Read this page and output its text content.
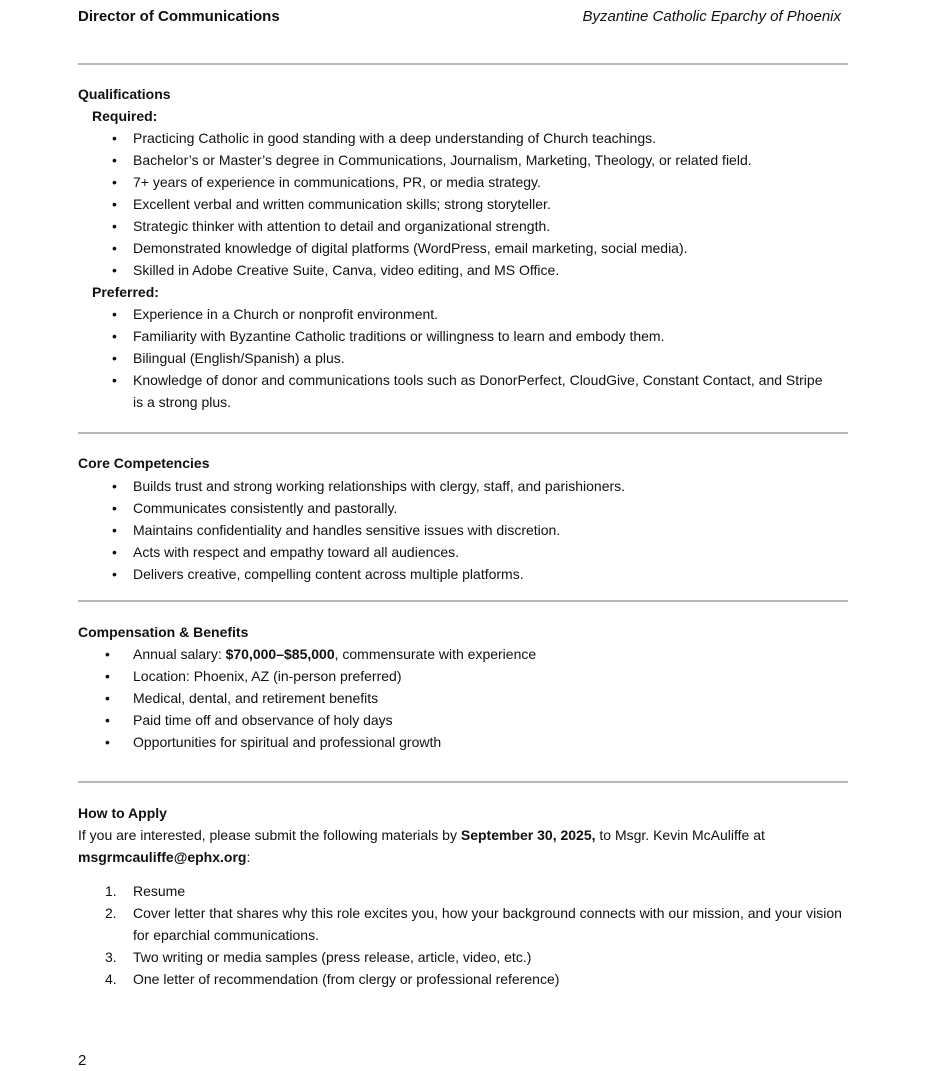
Director of Communications	Byzantine Catholic Eparchy of Phoenix
Qualifications
Required:
•
Practicing Catholic in good standing with a deep understanding of Church teachings.
•
Bachelor’s or Master’s degree in Communications, Journalism, Marketing, Theology, or related field.
•
7+ years of experience in communications, PR, or media strategy.
•
Excellent verbal and written communication skills; strong storyteller.
•
Strategic thinker with attention to detail and organizational strength.
•
Demonstrated knowledge of digital platforms (WordPress, email marketing, social media).
•
Skilled in Adobe Creative Suite, Canva, video editing, and MS Office.
Preferred:
•
Experience in a Church or nonprofit environment.
•
Familiarity with Byzantine Catholic traditions or willingness to learn and embody them.
•
Bilingual (English/Spanish) a plus.
•
Knowledge of donor and communications tools such as DonorPerfect, CloudGive, Constant Contact, and Stripe is a strong plus.
Core Competencies
•
Builds trust and strong working relationships with clergy, staff, and parishioners.
•
Communicates consistently and pastorally.
•
Maintains confidentiality and handles sensitive issues with discretion.
•
Acts with respect and empathy toward all audiences.
•
Delivers creative, compelling content across multiple platforms.
Compensation & Benefits
•
Annual salary: $70,000–$85,000, commensurate with experience
•
Location: Phoenix, AZ (in-person preferred)
•
Medical, dental, and retirement benefits
•
Paid time off and observance of holy days
•
Opportunities for spiritual and professional growth
How to Apply
If you are interested, please submit the following materials by September 30, 2025, to Msgr. Kevin McAuliffe at msgrmcauliffe@ephx.org:
1. Resume
2. Cover letter that shares why this role excites you, how your background connects with our mission, and your vision for eparchial communications.
3. Two writing or media samples (press release, article, video, etc.)
4. One letter of recommendation (from clergy or professional reference)
2
